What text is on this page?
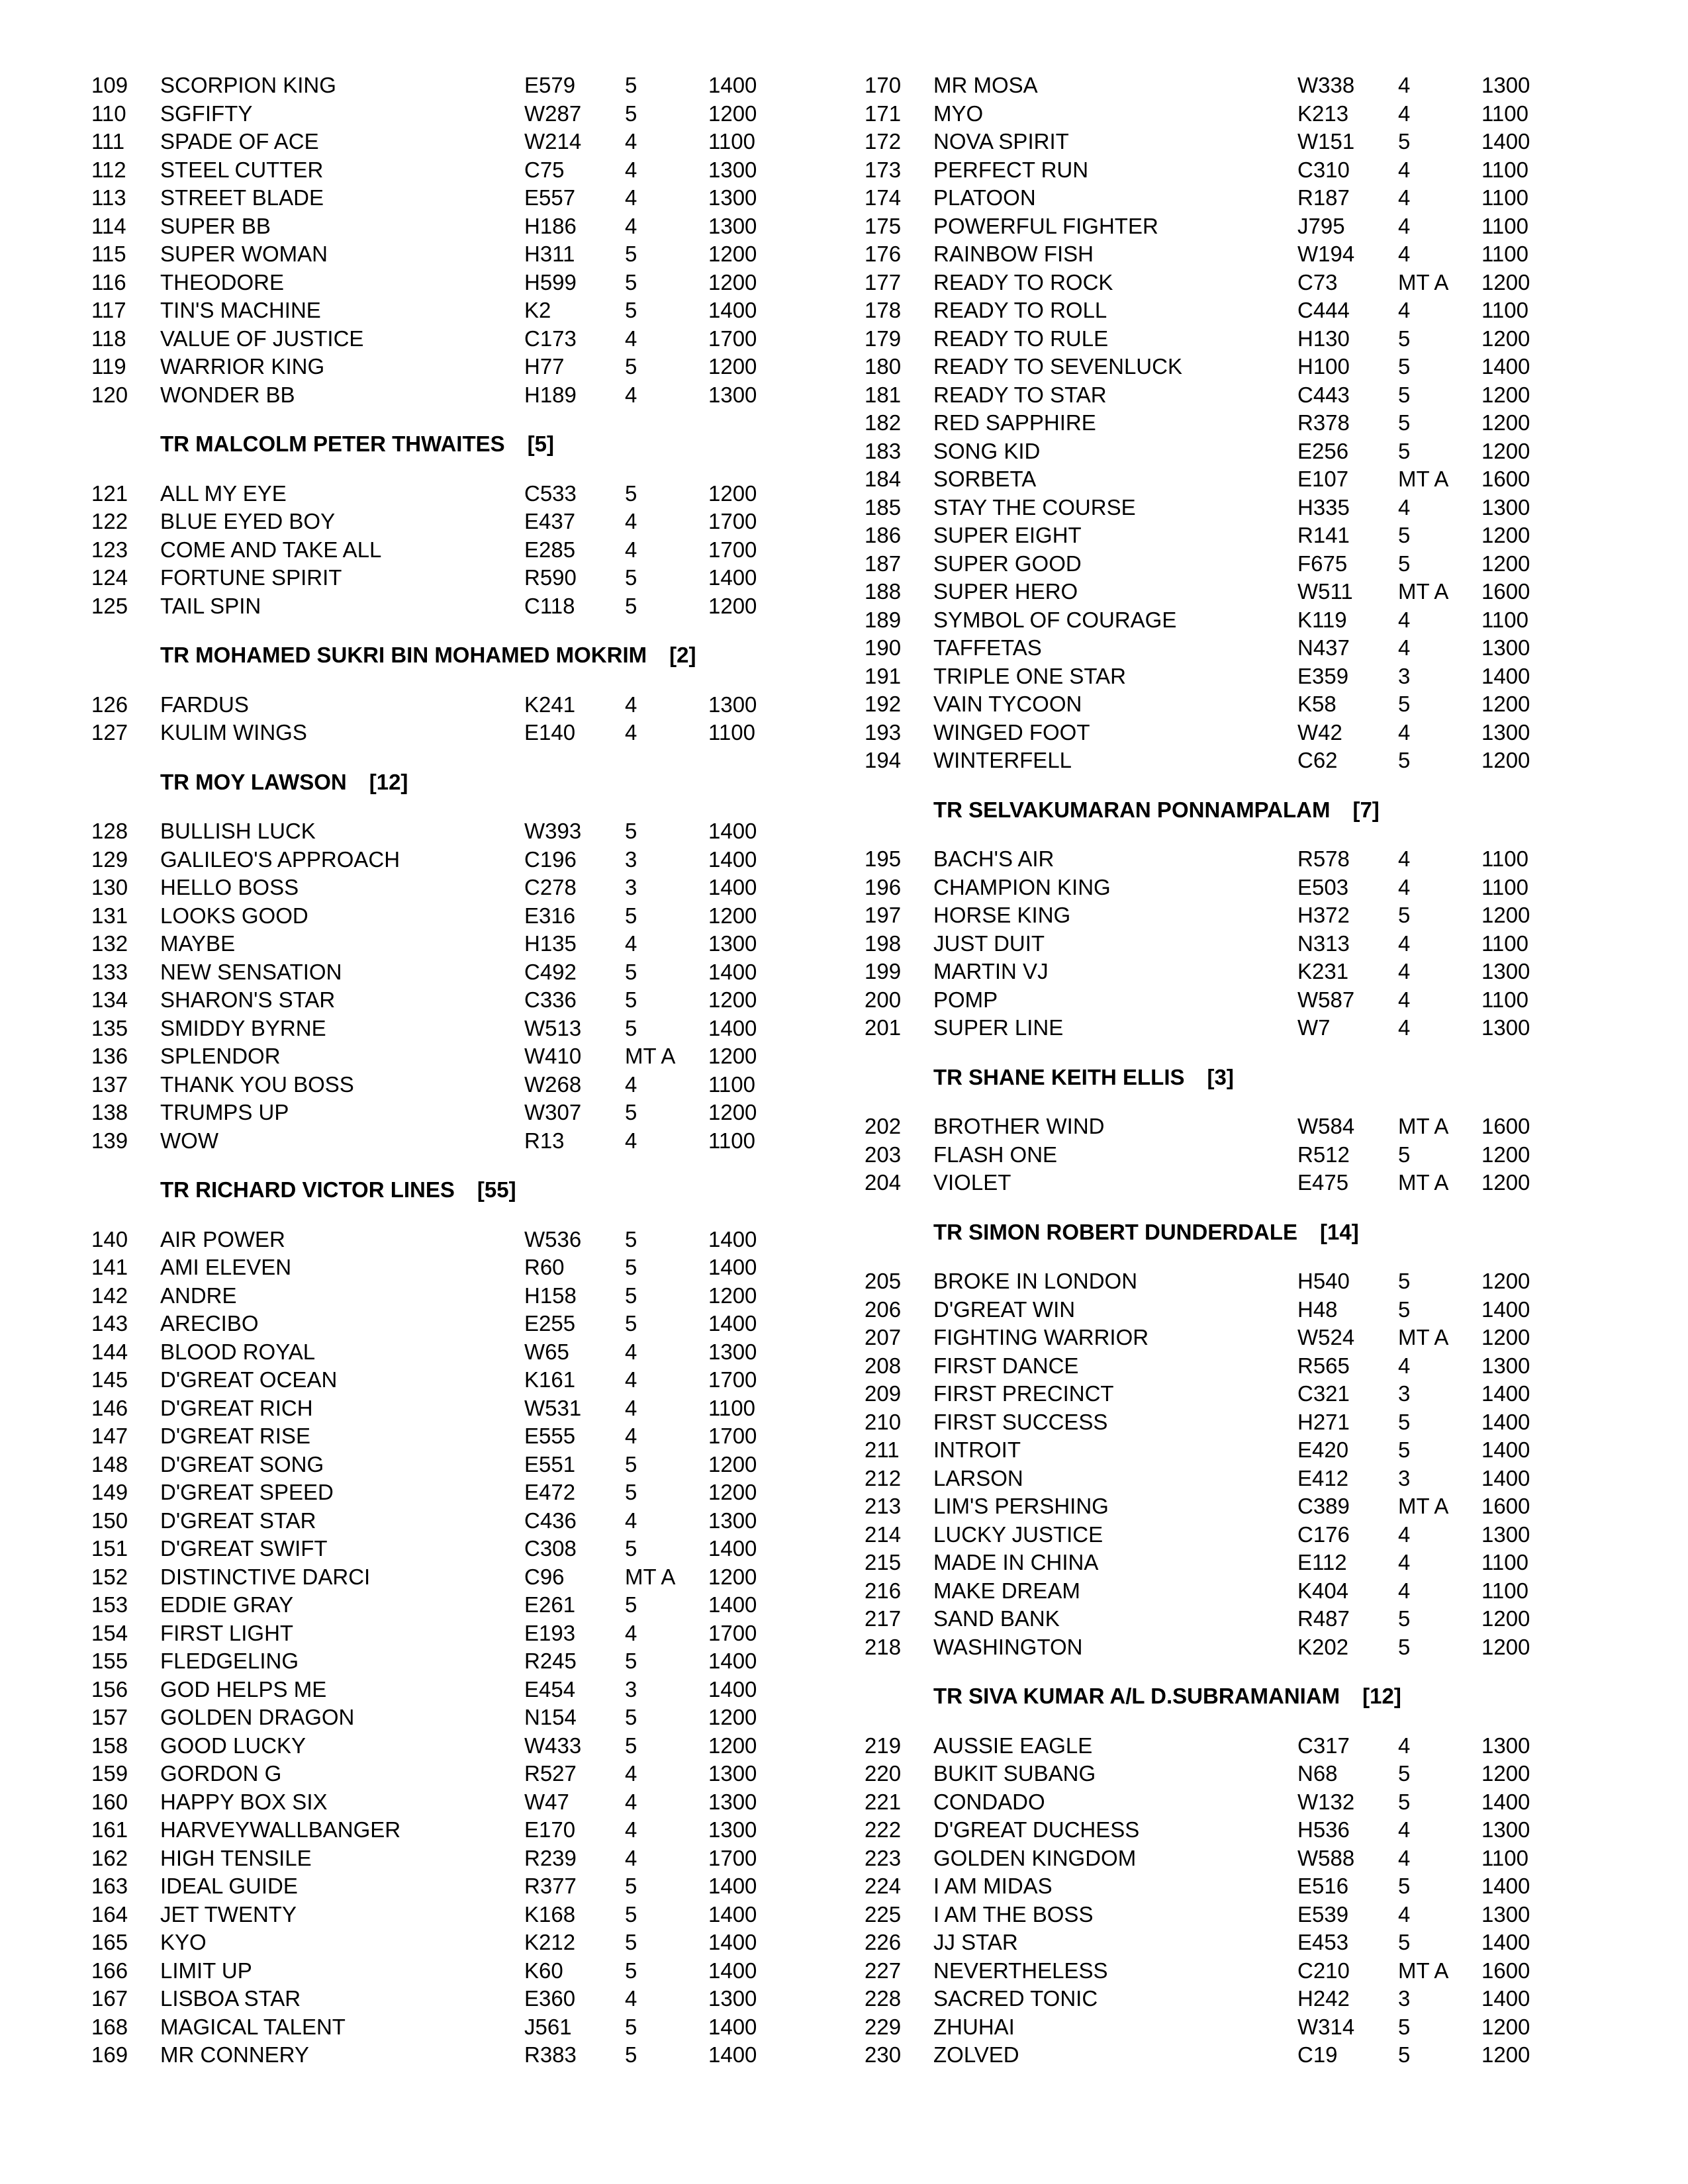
109 SCORPION KING	E579 5	1400
110 SGFIFTY	W287 5	1200
111 SPADE OF ACE	W214 4	1100
112 STEEL CUTTER	C75	4	1300
113 STREET BLADE	E557 4	1300
114 SUPER BB	H186 4	1300
115 SUPER WOMAN	H311 5	1200
116 THEODORE	H599 5	1200
117 TIN'S MACHINE	K2	5	1400
118 VALUE OF JUSTICE	C173 4	1700
119 WARRIOR KING	H77	5	1200
120 WONDER BB	H189 4	1300
TR MALCOLM PETER THWAITES [5]
121 ALL MY EYE	C533 5	1200
122 BLUE EYED BOY	E437 4	1700
123 COME AND TAKE ALL	E285 4	1700
124 FORTUNE SPIRIT	R590 5	1400
125 TAIL SPIN	C118 5	1200
TR MOHAMED SUKRI BIN MOHAMED MOKRIM [2]
126 FARDUS	K241 4	1300
127 KULIM WINGS	E140 4	1100
TR MOY LAWSON [12]
128 BULLISH LUCK	W393 5	1400
129 GALILEO'S APPROACH	C196 3	1400
130 HELLO BOSS	C278 3	1400
131 LOOKS GOOD	E316 5	1200
132 MAYBE	H135 4	1300
133 NEW SENSATION	C492 5	1400
134 SHARON'S STAR	C336 5	1200
135 SMIDDY BYRNE	W513 5	1400
136 SPLENDOR	W410 MT A 1200
137 THANK YOU BOSS	W268 4	1100
138 TRUMPS UP	W307 5	1200
139 WOW	R13	4	1100
TR RICHARD VICTOR LINES [55]
140 AIR POWER	W536 5	1400
141 AMI ELEVEN	R60	5	1400
142 ANDRE	H158 5	1200
143 ARECIBO	E255 5	1400
144 BLOOD ROYAL	W65	4	1300
145 D'GREAT OCEAN	K161 4	1700
146 D'GREAT RICH	W531 4	1100
147 D'GREAT RISE	E555 4	1700
148 D'GREAT SONG	E551 5	1200
149 D'GREAT SPEED	E472 5	1200
150 D'GREAT STAR	C436 4	1300
151 D'GREAT SWIFT	C308 5	1400
152 DISTINCTIVE DARCI	C96	MT A 1200
153 EDDIE GRAY	E261 5	1400
154 FIRST LIGHT	E193 4	1700
155 FLEDGELING	R245 5	1400
156 GOD HELPS ME	E454 3	1400
157 GOLDEN DRAGON	N154 5	1200
158 GOOD LUCKY	W433 5	1200
159 GORDON G	R527 4	1300
160 HAPPY BOX SIX	W47	4	1300
161 HARVEYWALLBANGER	E170 4	1300
162 HIGH TENSILE	R239 4	1700
163 IDEAL GUIDE	R377 5	1400
164 JET TWENTY	K168 5	1400
165 KYO	K212 5	1400
166 LIMIT UP	K60	5	1400
167 LISBOA STAR	E360 4	1300
168 MAGICAL TALENT	J561 5	1400
169 MR CONNERY	R383 5	1400
170 MR MOSA	W338 4	1300
171 MYO	K213 4	1100
172 NOVA SPIRIT	W151 5	1400
173 PERFECT RUN	C310 4	1100
174 PLATOON	R187 4	1100
175 POWERFUL FIGHTER	J795 4	1100
176 RAINBOW FISH	W194 4	1100
177 READY TO ROCK	C73	MT A 1200
178 READY TO ROLL	C444 4	1100
179 READY TO RULE	H130 5	1200
180 READY TO SEVENLUCK	H100 5	1400
181 READY TO STAR	C443 5	1200
182 RED SAPPHIRE	R378 5	1200
183 SONG KID	E256 5	1200
184 SORBETA	E107 MT A 1600
185 STAY THE COURSE	H335 4	1300
186 SUPER EIGHT	R141 5	1200
187 SUPER GOOD	F675 5	1200
188 SUPER HERO	W511 MT A 1600
189 SYMBOL OF COURAGE	K119 4	1100
190 TAFFETAS	N437 4	1300
191 TRIPLE ONE STAR	E359 3	1400
192 VAIN TYCOON	K58	5	1200
193 WINGED FOOT	W42	4	1300
194 WINTERFELL	C62	5	1200
TR SELVAKUMARAN PONNAMPALAM [7]
195 BACH'S AIR	R578 4	1100
196 CHAMPION KING	E503 4	1100
197 HORSE KING	H372 5	1200
198 JUST DUIT	N313 4	1100
199 MARTIN VJ	K231 4	1300
200 POMP	W587 4	1100
201 SUPER LINE	W7	4	1300
TR SHANE KEITH ELLIS [3]
202 BROTHER WIND	W584 MT A 1600
203 FLASH ONE	R512 5	1200
204 VIOLET	E475 MT A 1200
TR SIMON ROBERT DUNDERDALE [14]
205 BROKE IN LONDON	H540 5	1200
206 D'GREAT WIN	H48	5	1400
207 FIGHTING WARRIOR	W524 MT A 1200
208 FIRST DANCE	R565 4	1300
209 FIRST PRECINCT	C321 3	1400
210 FIRST SUCCESS	H271 5	1400
211 INTROIT	E420 5	1400
212 LARSON	E412 3	1400
213 LIM'S PERSHING	C389 MT A 1600
214 LUCKY JUSTICE	C176 4	1300
215 MADE IN CHINA	E112 4	1100
216 MAKE DREAM	K404 4	1100
217 SAND BANK	R487 5	1200
218 WASHINGTON	K202 5	1200
TR SIVA KUMAR A/L D.SUBRAMANIAM [12]
219 AUSSIE EAGLE	C317 4	1300
220 BUKIT SUBANG	N68	5	1200
221 CONDADO	W132 5	1400
222 D'GREAT DUCHESS	H536 4	1300
223 GOLDEN KINGDOM	W588 4	1100
224 I AM MIDAS	E516 5	1400
225 I AM THE BOSS	E539 4	1300
226 JJ STAR	E453 5	1400
227 NEVERTHELESS	C210 MT A 1600
228 SACRED TONIC	H242 3	1400
229 ZHUHAI	W314 5	1200
230 ZOLVED	C19	5	1200
